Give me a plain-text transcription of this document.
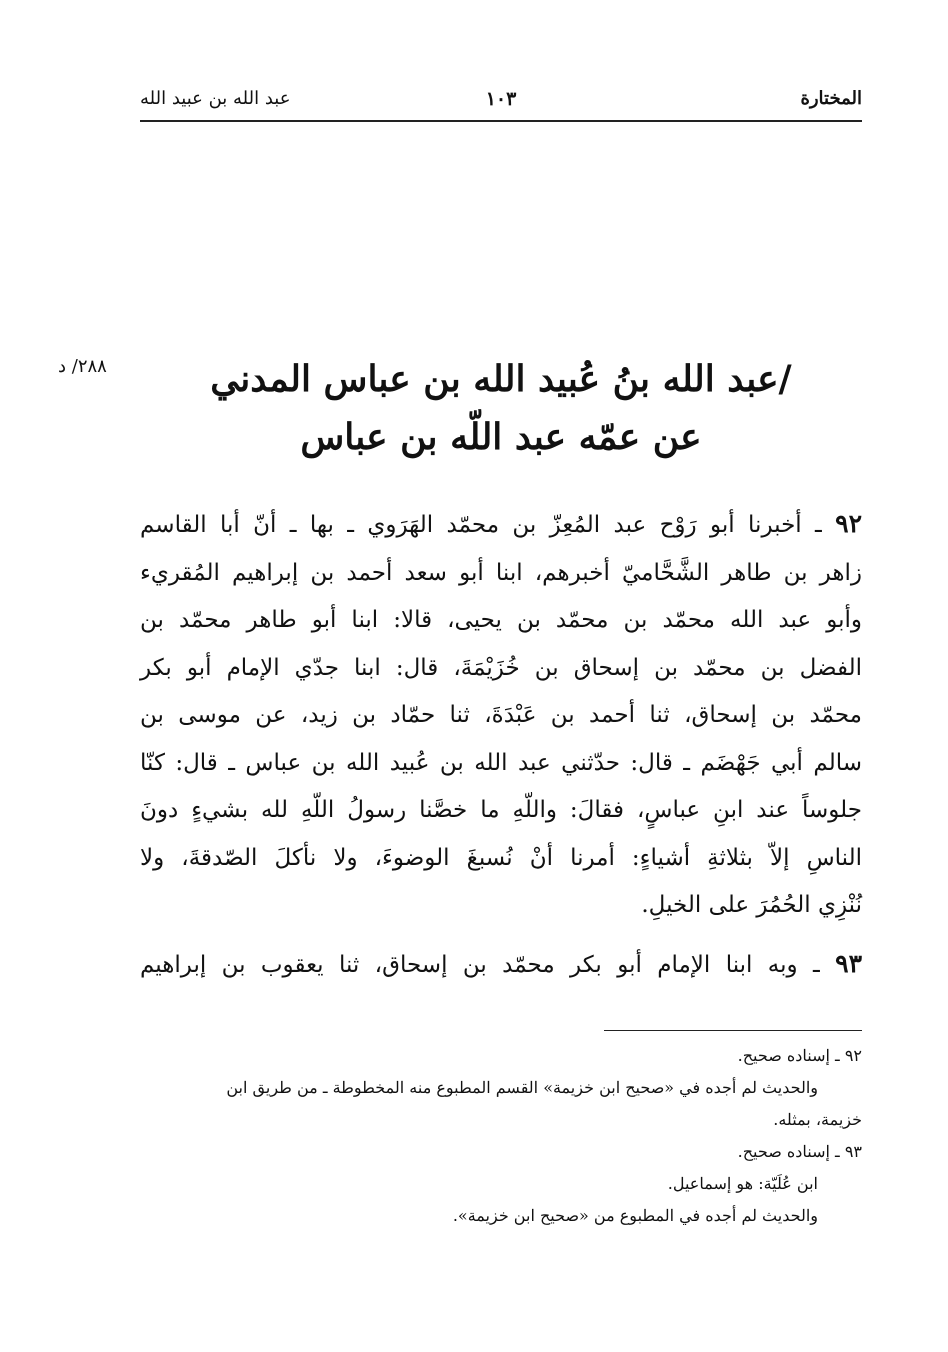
المختارة
١٠٣
عبد الله بن عبيد الله
٢٨٨/ د	/عبد الله بنُ عُبيد الله بن عباس المدني
عن عمّه عبد اللّه بن عباس
٩٢ ـ أخبرنا أبو رَوْح عبد المُعِزّ بن محمّد الهَرَوي ـ بها ـ أنّ أبا القاسم
زاهر بن طاهر الشَّحَّاميّ أخبرهم، ابنا أبو سعد أحمد بن إبراهيم المُقريء
وأبو عبد الله محمّد بن محمّد بن يحيى، قالا: ابنا أبو طاهر محمّد بن
الفضل بن محمّد بن إسحاق بن خُزَيْمَةَ، قال: ابنا جدّي الإمام أبو بكر
محمّد بن إسحاق، ثنا أحمد بن عَبْدَةَ، ثنا حمّاد بن زيد، عن موسى بن
سالم أبي جَهْضَم ـ قال: حدّثني عبد الله بن عُبيد الله بن عباس ـ قال: كنّا
جلوساً عند ابنِ عباسٍ، فقالَ: واللّهِ ما خصَّنا رسولُ اللّهِ لله بشيءٍ دونَ
الناسِ إلاّ بثلاثةِ أشياءٍ: أمرنا أنْ نُسبغَ الوضوءَ، ولا نأكلَ الصّدقةَ، ولا
نُنْزِي الحُمُرَ على الخيلِ.
٩٣ ـ وبه ابنا الإمام أبو بكر محمّد بن إسحاق، ثنا يعقوب بن إبراهيم
٩٢ ـ إسناده صحيح.
والحديث لم أجده في «صحيح ابن خزيمة» القسم المطبوع منه المخطوطة ـ من طريق ابن
خزيمة، بمثله.
٩٣ ـ إسناده صحيح.
ابن عُلَيّة: هو إسماعيل.
والحديث لم أجده في المطبوع من «صحيح ابن خزيمة».
